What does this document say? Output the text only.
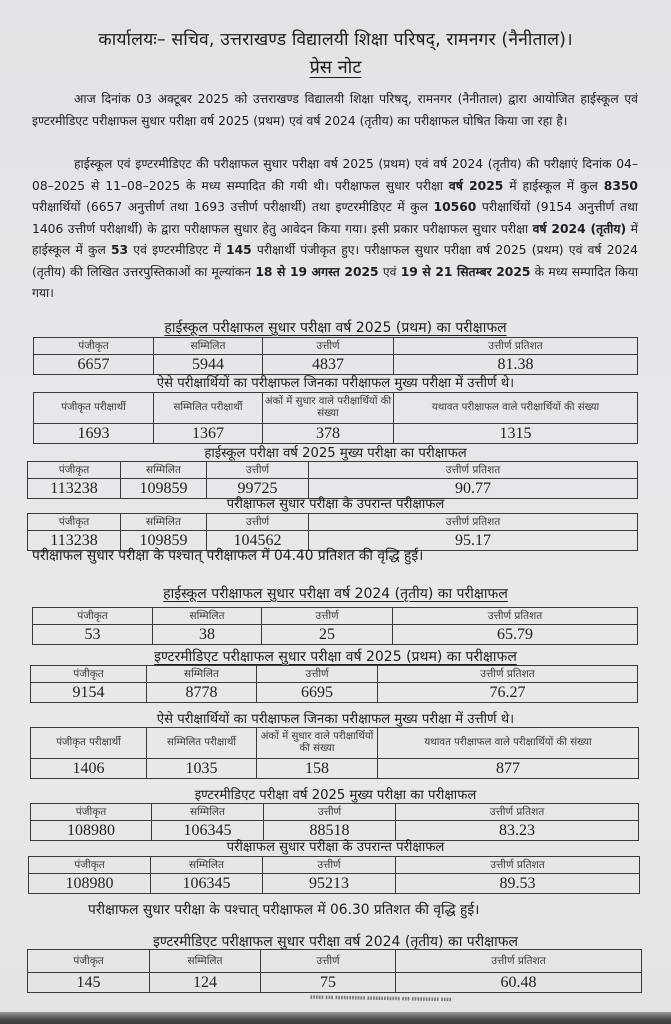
कार्यालयः– सचिव, उत्तराखण्ड विद्यालयी शिक्षा परिषद्, रामनगर (नैनीताल)।
प्रेस नोट
आज दिनांक 03 अक्टूबर 2025 को उत्तराखण्ड विद्यालयी शिक्षा परिषद्, रामनगर (नैनीताल) द्वारा आयोजित हाईस्कूल एवं इण्टरमीडिएट परीक्षाफल सुधार परीक्षा वर्ष 2025 (प्रथम) एवं वर्ष 2024 (तृतीय) का परीक्षाफल घोषित किया जा रहा है।
हाईस्कूल एवं इण्टरमीडिएट की परीक्षाफल सुधार परीक्षा वर्ष 2025 (प्रथम) एवं वर्ष 2024 (तृतीय) की परीक्षाएं दिनांक 04–08–2025 से 11–08–2025 के मध्य सम्पादित की गयी थी। परीक्षाफल सुधार परीक्षा वर्ष 2025 में हाईस्कूल में कुल 8350 परीक्षार्थियों (6657 अनुत्तीर्ण तथा 1693 उत्तीर्ण परीक्षार्थी) तथा इण्टरमीडिएट में कुल 10560 परीक्षार्थियों (9154 अनुत्तीर्ण तथा 1406 उत्तीर्ण परीक्षार्थी) के द्वारा परीक्षाफल सुधार हेतु आवेदन किया गया। इसी प्रकार परीक्षाफल सुधार परीक्षा वर्ष 2024 (तृतीय) में हाईस्कूल में कुल 53 एवं इण्टरमीडिएट में 145 परीक्षार्थी पंजीकृत हुए। परीक्षाफल सुधार परीक्षा वर्ष 2025 (प्रथम) एवं वर्ष 2024 (तृतीय) की लिखित उत्तरपुस्तिकाओं का मूल्यांकन 18 से 19 अगस्त 2025 एवं 19 से 21 सितम्बर 2025 के मध्य सम्पादित किया गया।
हाईस्कूल परीक्षाफल सुधार परीक्षा वर्ष 2025 (प्रथम) का परीक्षाफल
पंजीकृत	सम्मिलित	उत्तीर्ण	उत्तीर्ण प्रतिशत
6657	5944	4837	81.38
ऐसे परीक्षार्थियों का परीक्षाफल जिनका परीक्षाफल मुख्य परीक्षा में उत्तीर्ण थे।
पंजीकृत परीक्षार्थी	सम्मिलित परीक्षार्थी	अंकों में सुधार वाले परीक्षार्थियों की संख्या	यथावत परीक्षाफल वाले परीक्षार्थियों की संख्या
1693	1367	378	1315
हाईस्कूल परीक्षा वर्ष 2025 मुख्य परीक्षा का परीक्षाफल
पंजीकृत	सम्मिलित	उत्तीर्ण	उत्तीर्ण प्रतिशत
113238	109859	99725	90.77
परीक्षाफल सुधार परीक्षा के उपरान्त परीक्षाफल
पंजीकृत	सम्मिलित	उत्तीर्ण	उत्तीर्ण प्रतिशत
113238	109859	104562	95.17
परीक्षाफल सुधार परीक्षा के पश्चात् परीक्षाफल में 04.40 प्रतिशत की वृद्धि हुई।
हाईस्कूल परीक्षाफल सुधार परीक्षा वर्ष 2024 (तृतीय) का परीक्षाफल
पंजीकृत	सम्मिलित	उत्तीर्ण	उत्तीर्ण प्रतिशत
53	38	25	65.79
इण्टरमीडिएट परीक्षाफल सुधार परीक्षा वर्ष 2025 (प्रथम) का परीक्षाफल
पंजीकृत	सम्मिलित	उत्तीर्ण	उत्तीर्ण प्रतिशत
9154	8778	6695	76.27
ऐसे परीक्षार्थियों का परीक्षाफल जिनका परीक्षाफल मुख्य परीक्षा में उत्तीर्ण थे।
पंजीकृत परीक्षार्थी	सम्मिलित परीक्षार्थी	अंकों में सुधार वाले परीक्षार्थियों की संख्या	यथावत परीक्षाफल वाले परीक्षार्थियों की संख्या
1406	1035	158	877
इण्टरमीडिएट परीक्षा वर्ष 2025 मुख्य परीक्षा का परीक्षाफल
पंजीकृत	सम्मिलित	उत्तीर्ण	उत्तीर्ण प्रतिशत
108980	106345	88518	83.23
परीक्षाफल सुधार परीक्षा के उपरान्त परीक्षाफल
पंजीकृत	सम्मिलित	उत्तीर्ण	उत्तीर्ण प्रतिशत
108980	106345	95213	89.53
परीक्षाफल सुधार परीक्षा के पश्चात् परीक्षाफल में 06.30 प्रतिशत की वृद्धि हुई।
इण्टरमीडिएट परीक्षाफल सुधार परीक्षा वर्ष 2024 (तृतीय) का परीक्षाफल
पंजीकृत	सम्मिलित	उत्तीर्ण	उत्तीर्ण प्रतिशत
145	124	75	60.48
▮▮▮▮▮ ▮▮▮ ▮▮▮▮▮▮▮▮▮▮▮ ▮▮▮▮▮▮▮▮▮▮▮▮ ▮▮▮ ▮▮▮▮▮▮▮▮▮▮ ▮▮▮▮
